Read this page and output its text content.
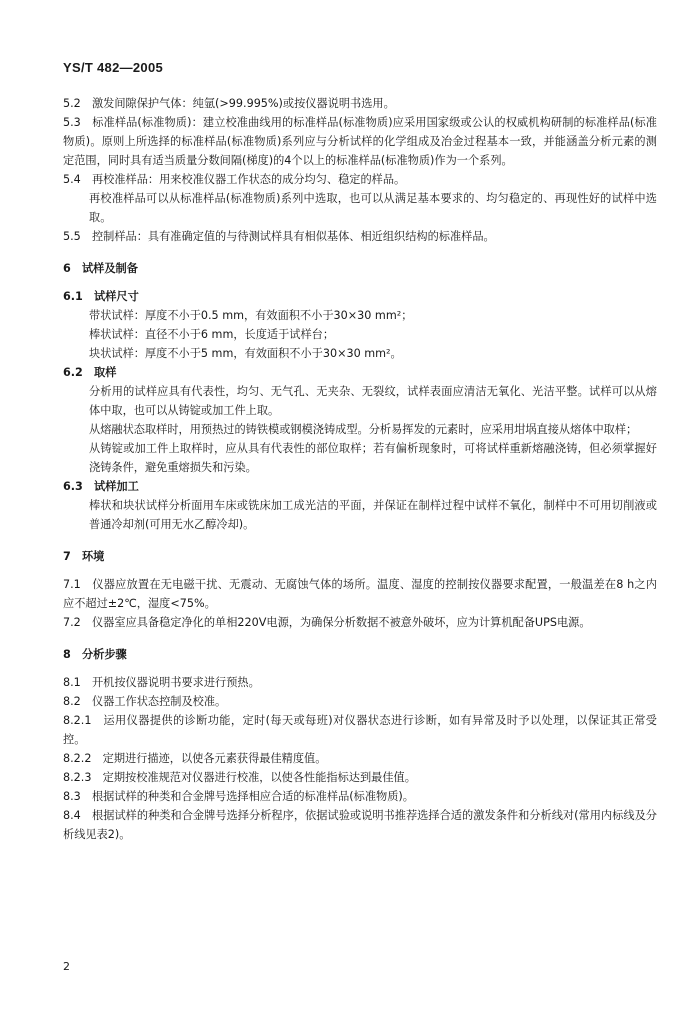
YS/T 482—2005

5.2　激发间隙保护气体：纯氩(>99.995%)或按仪器说明书选用。

5.3　标准样品(标准物质)：建立校准曲线用的标准样品(标准物质)应采用国家级或公认的权威机构研制的标准样品(标准物质)。原则上所选择的标准样品(标准物质)系列应与分析试样的化学组成及冶金过程基本一致，并能涵盖分析元素的测定范围，同时具有适当质量分数间隔(梯度)的4个以上的标准样品(标准物质)作为一个系列。

5.4　再校准样品：用来校准仪器工作状态的成分均匀、稳定的样品。

再校准样品可以从标准样品(标准物质)系列中选取，也可以从满足基本要求的、均匀稳定的、再现性好的试样中选取。

5.5　控制样品：具有准确定值的与待测试样具有相似基体、相近组织结构的标准样品。

6　试样及制备

6.1　试样尺寸

带状试样：厚度不小于0.5 mm，有效面积不小于30×30 mm²；

棒状试样：直径不小于6 mm，长度适于试样台；

块状试样：厚度不小于5 mm，有效面积不小于30×30 mm²。

6.2　取样

分析用的试样应具有代表性，均匀、无气孔、无夹杂、无裂纹，试样表面应清洁无氧化、光洁平整。试样可以从熔体中取，也可以从铸锭或加工件上取。

从熔融状态取样时，用预热过的铸铁模或钢模浇铸成型。分析易挥发的元素时，应采用坩埚直接从熔体中取样；

从铸锭或加工件上取样时，应从具有代表性的部位取样；若有偏析现象时，可将试样重新熔融浇铸，但必须掌握好浇铸条件，避免重熔损失和污染。

6.3　试样加工

棒状和块状试样分析面用车床或铣床加工成光洁的平面，并保证在制样过程中试样不氧化，制样中不可用切削液或普通冷却剂(可用无水乙醇冷却)。

7　环境

7.1　仪器应放置在无电磁干扰、无震动、无腐蚀气体的场所。温度、湿度的控制按仪器要求配置，一般温差在8 h之内应不超过±2℃，湿度<75%。

7.2　仪器室应具备稳定净化的单相220V电源，为确保分析数据不被意外破坏，应为计算机配备UPS电源。

8　分析步骤

8.1　开机按仪器说明书要求进行预热。

8.2　仪器工作状态控制及校准。

8.2.1　运用仪器提供的诊断功能，定时(每天或每班)对仪器状态进行诊断，如有异常及时予以处理，以保证其正常受控。

8.2.2　定期进行描迹，以使各元素获得最佳精度值。

8.2.3　定期按校准规范对仪器进行校准，以使各性能指标达到最佳值。

8.3　根据试样的种类和合金牌号选择相应合适的标准样品(标准物质)。

8.4　根据试样的种类和合金牌号选择分析程序，依据试验或说明书推荐选择合适的激发条件和分析线对(常用内标线及分析线见表2)。

2
